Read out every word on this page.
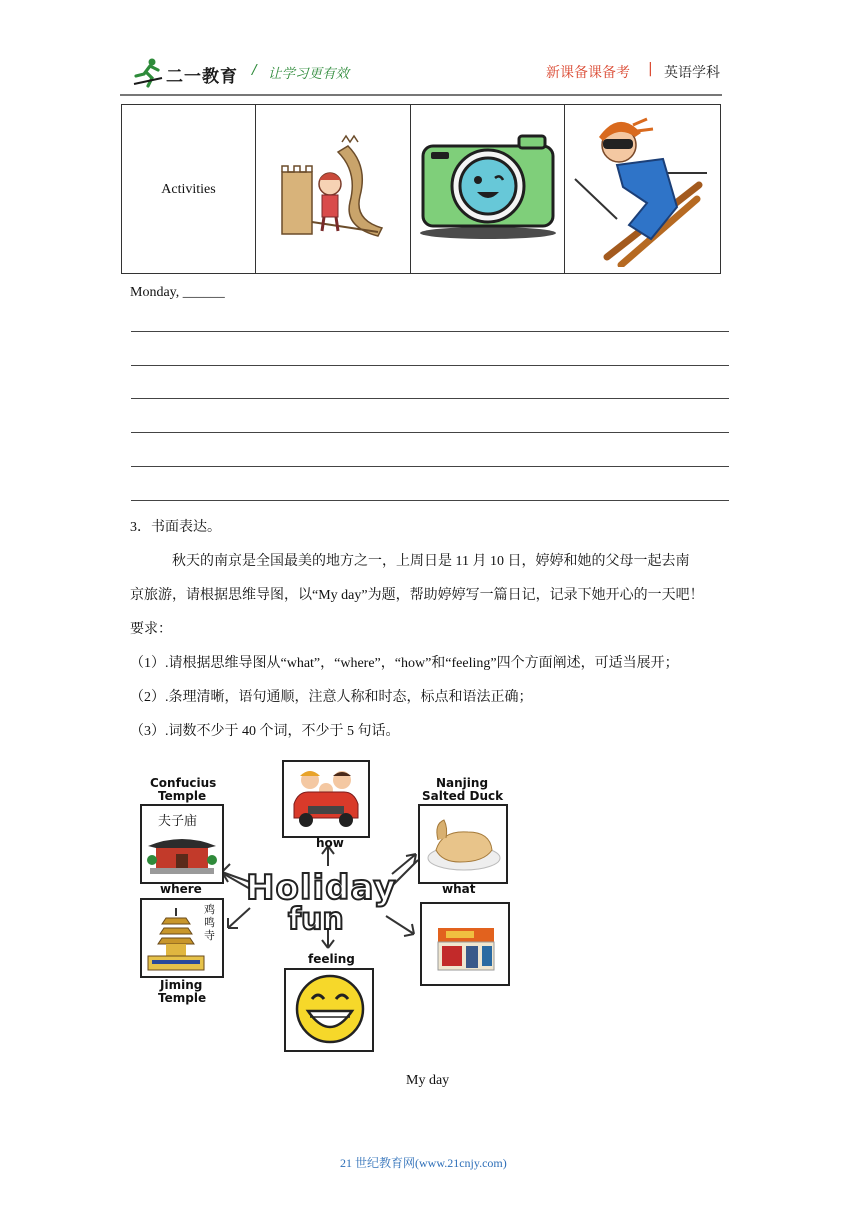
二一教育 / 让学习更有效	新课备课备考 | 英语学科
Activities			
Monday, ______
3．书面表达。
秋天的南京是全国最美的地方之一，上周日是 11 月 10 日，婷婷和她的父母一起去南
京旅游，请根据思维导图，以“My day”为题，帮助婷婷写一篇日记，记录下她开心的一天吧！
要求：
（1）.请根据思维导图从“what”，“where”，“how”和“feeling”四个方面阐述，可适当展开；
（2）.条理清晰，语句通顺，注意人称和时态，标点和语法正确；
（3）.词数不少于 40 个词，不少于 5 句话。
Holiday
fun
Confucius
Temple
夫子庙
where
鸡鸣寺
Jiming
Temple
how
feeling
Nanjing
Salted Duck
what
My day
21 世纪教育网(www.21cnjy.com)
